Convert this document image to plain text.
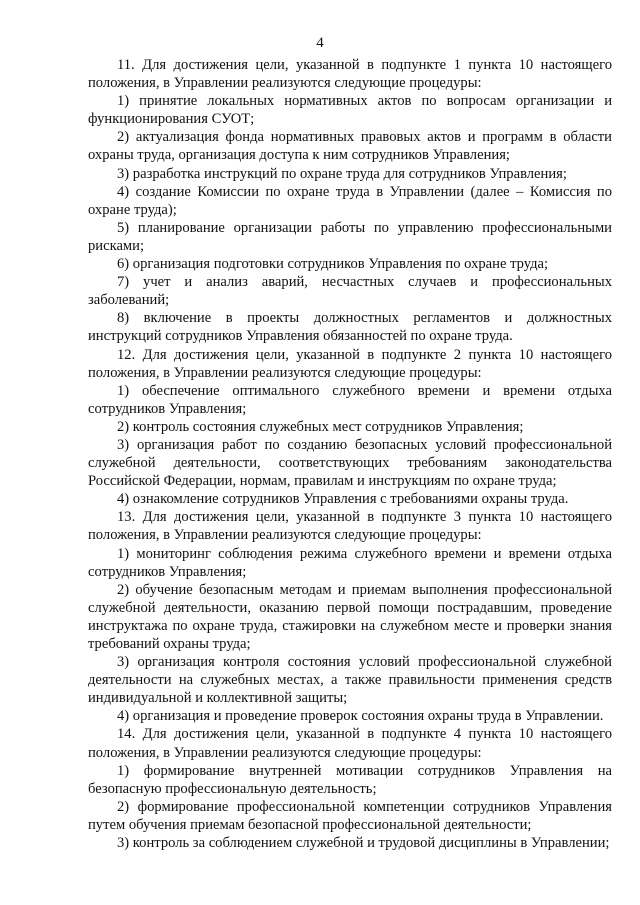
4

11. Для достижения цели, указанной в подпункте 1 пункта 10 настоящего положения, в Управлении реализуются следующие процедуры:

1) принятие локальных нормативных актов по вопросам организации и функционирования СУОТ;

2) актуализация фонда нормативных правовых актов и программ в области охраны труда, организация доступа к ним сотрудников Управления;

3) разработка инструкций по охране труда для сотрудников Управления;

4) создание Комиссии по охране труда в Управлении (далее – Комиссия по охране труда);

5) планирование организации работы по управлению профессиональными рисками;

6) организация подготовки сотрудников Управления по охране труда;

7) учет и анализ аварий, несчастных случаев и профессиональных заболеваний;

8) включение в проекты должностных регламентов и должностных инструкций сотрудников Управления обязанностей по охране труда.

12. Для достижения цели, указанной в подпункте 2 пункта 10 настоящего положения, в Управлении реализуются следующие процедуры:

1) обеспечение оптимального служебного времени и времени отдыха сотрудников Управления;

2) контроль состояния служебных мест сотрудников Управления;

3) организация работ по созданию безопасных условий профессиональной служебной деятельности, соответствующих требованиям законодательства Российской Федерации, нормам, правилам и инструкциям по охране труда;

4) ознакомление сотрудников Управления с требованиями охраны труда.

13. Для достижения цели, указанной в подпункте 3 пункта 10 настоящего положения, в Управлении реализуются следующие процедуры:

1) мониторинг соблюдения режима служебного времени и времени отдыха сотрудников Управления;

2) обучение безопасным методам и приемам выполнения профессиональной служебной деятельности, оказанию первой помощи пострадавшим, проведение инструктажа по охране труда, стажировки на служебном месте и проверки знания требований охраны труда;

3) организация контроля состояния условий профессиональной служебной деятельности на служебных местах, а также правильности применения средств индивидуальной и коллективной защиты;

4) организация и проведение проверок состояния охраны труда в Управлении.

14. Для достижения цели, указанной в подпункте 4 пункта 10 настоящего положения, в Управлении реализуются следующие процедуры:

1) формирование внутренней мотивации сотрудников Управления на безопасную профессиональную деятельность;

2) формирование профессиональной компетенции сотрудников Управления путем обучения приемам безопасной профессиональной деятельности;

3) контроль за соблюдением служебной и трудовой дисциплины в Управлении;
